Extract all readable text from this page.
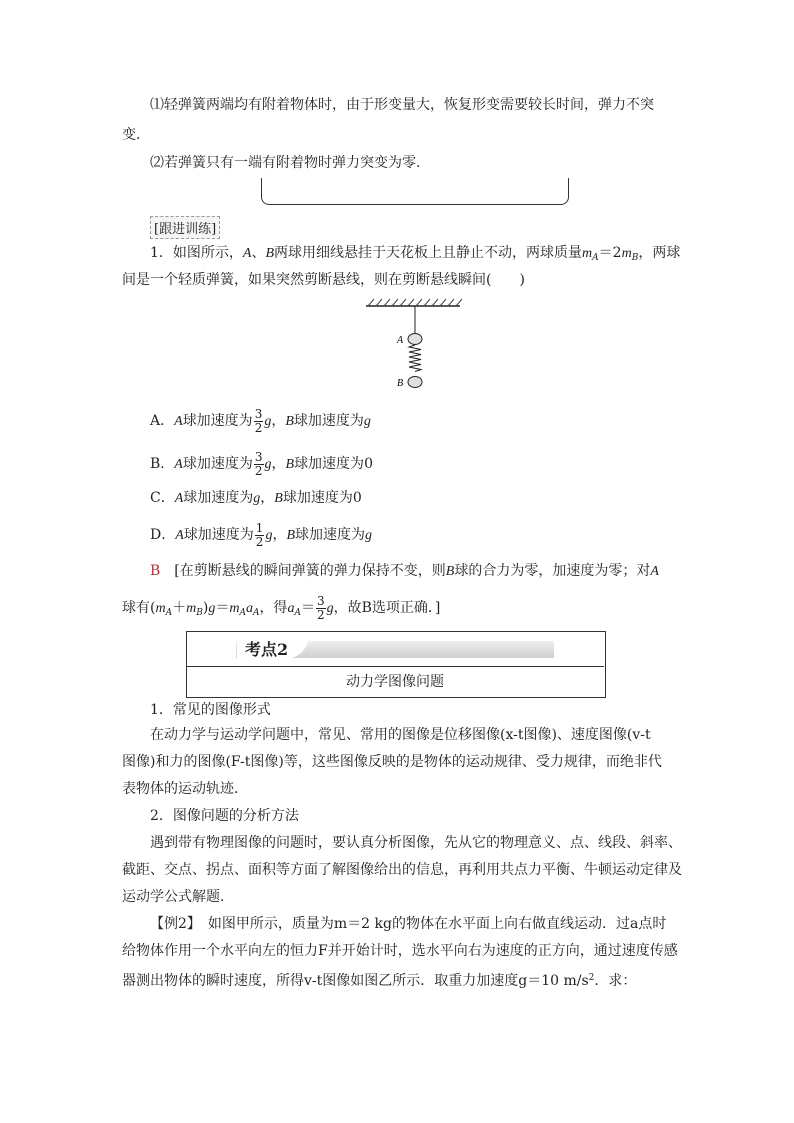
⑴轻弹簧两端均有附着物体时，由于形变量大，恢复形变需要较长时间，弹力不突
变．
⑵若弹簧只有一端有附着物时弹力突变为零．
[跟进训练]
1．如图所示，A、B两球用细线悬挂于天花板上且静止不动，两球质量$m_A=2m_B$，两球
间是一个轻质弹簧，如果突然剪断悬线，则在剪断悬线瞬间(　　)
A
B
A．A球加速度为 $\frac{3}{2}$ g，B球加速度为g
B．A球加速度为 $\frac{3}{2}$ g，B球加速度为0
C．A球加速度为g，B球加速度为0
D．A球加速度为 $\frac{1}{2}$ g，B球加速度为g
B　[在剪断悬线的瞬间弹簧的弹力保持不变，则B球的合力为零，加速度为零；对A
球有$(m_A+m_B)g=m_Aa_A$，得$a_A= \frac{3}{2}$ g，故B选项正确．]
考点2
动力学图像问题
1．常见的图像形式
在动力学与运动学问题中，常见、常用的图像是位移图像(x-t图像)、速度图像(v-t
图像)和力的图像(F-t图像)等，这些图像反映的是物体的运动规律、受力规律，而绝非代
表物体的运动轨迹．
2．图像问题的分析方法
遇到带有物理图像的问题时，要认真分析图像，先从它的物理意义、点、线段、斜率、
截距、交点、拐点、面积等方面了解图像给出的信息，再利用共点力平衡、牛顿运动定律及
运动学公式解题．
【例2】　如图甲所示，质量为m＝2 kg的物体在水平面上向右做直线运动．过a点时
给物体作用一个水平向左的恒力F并开始计时，选水平向右为速度的正方向，通过速度传感
器测出物体的瞬时速度，所得v-t图像如图乙所示．取重力加速度g＝10 $m/s^2$．求：
